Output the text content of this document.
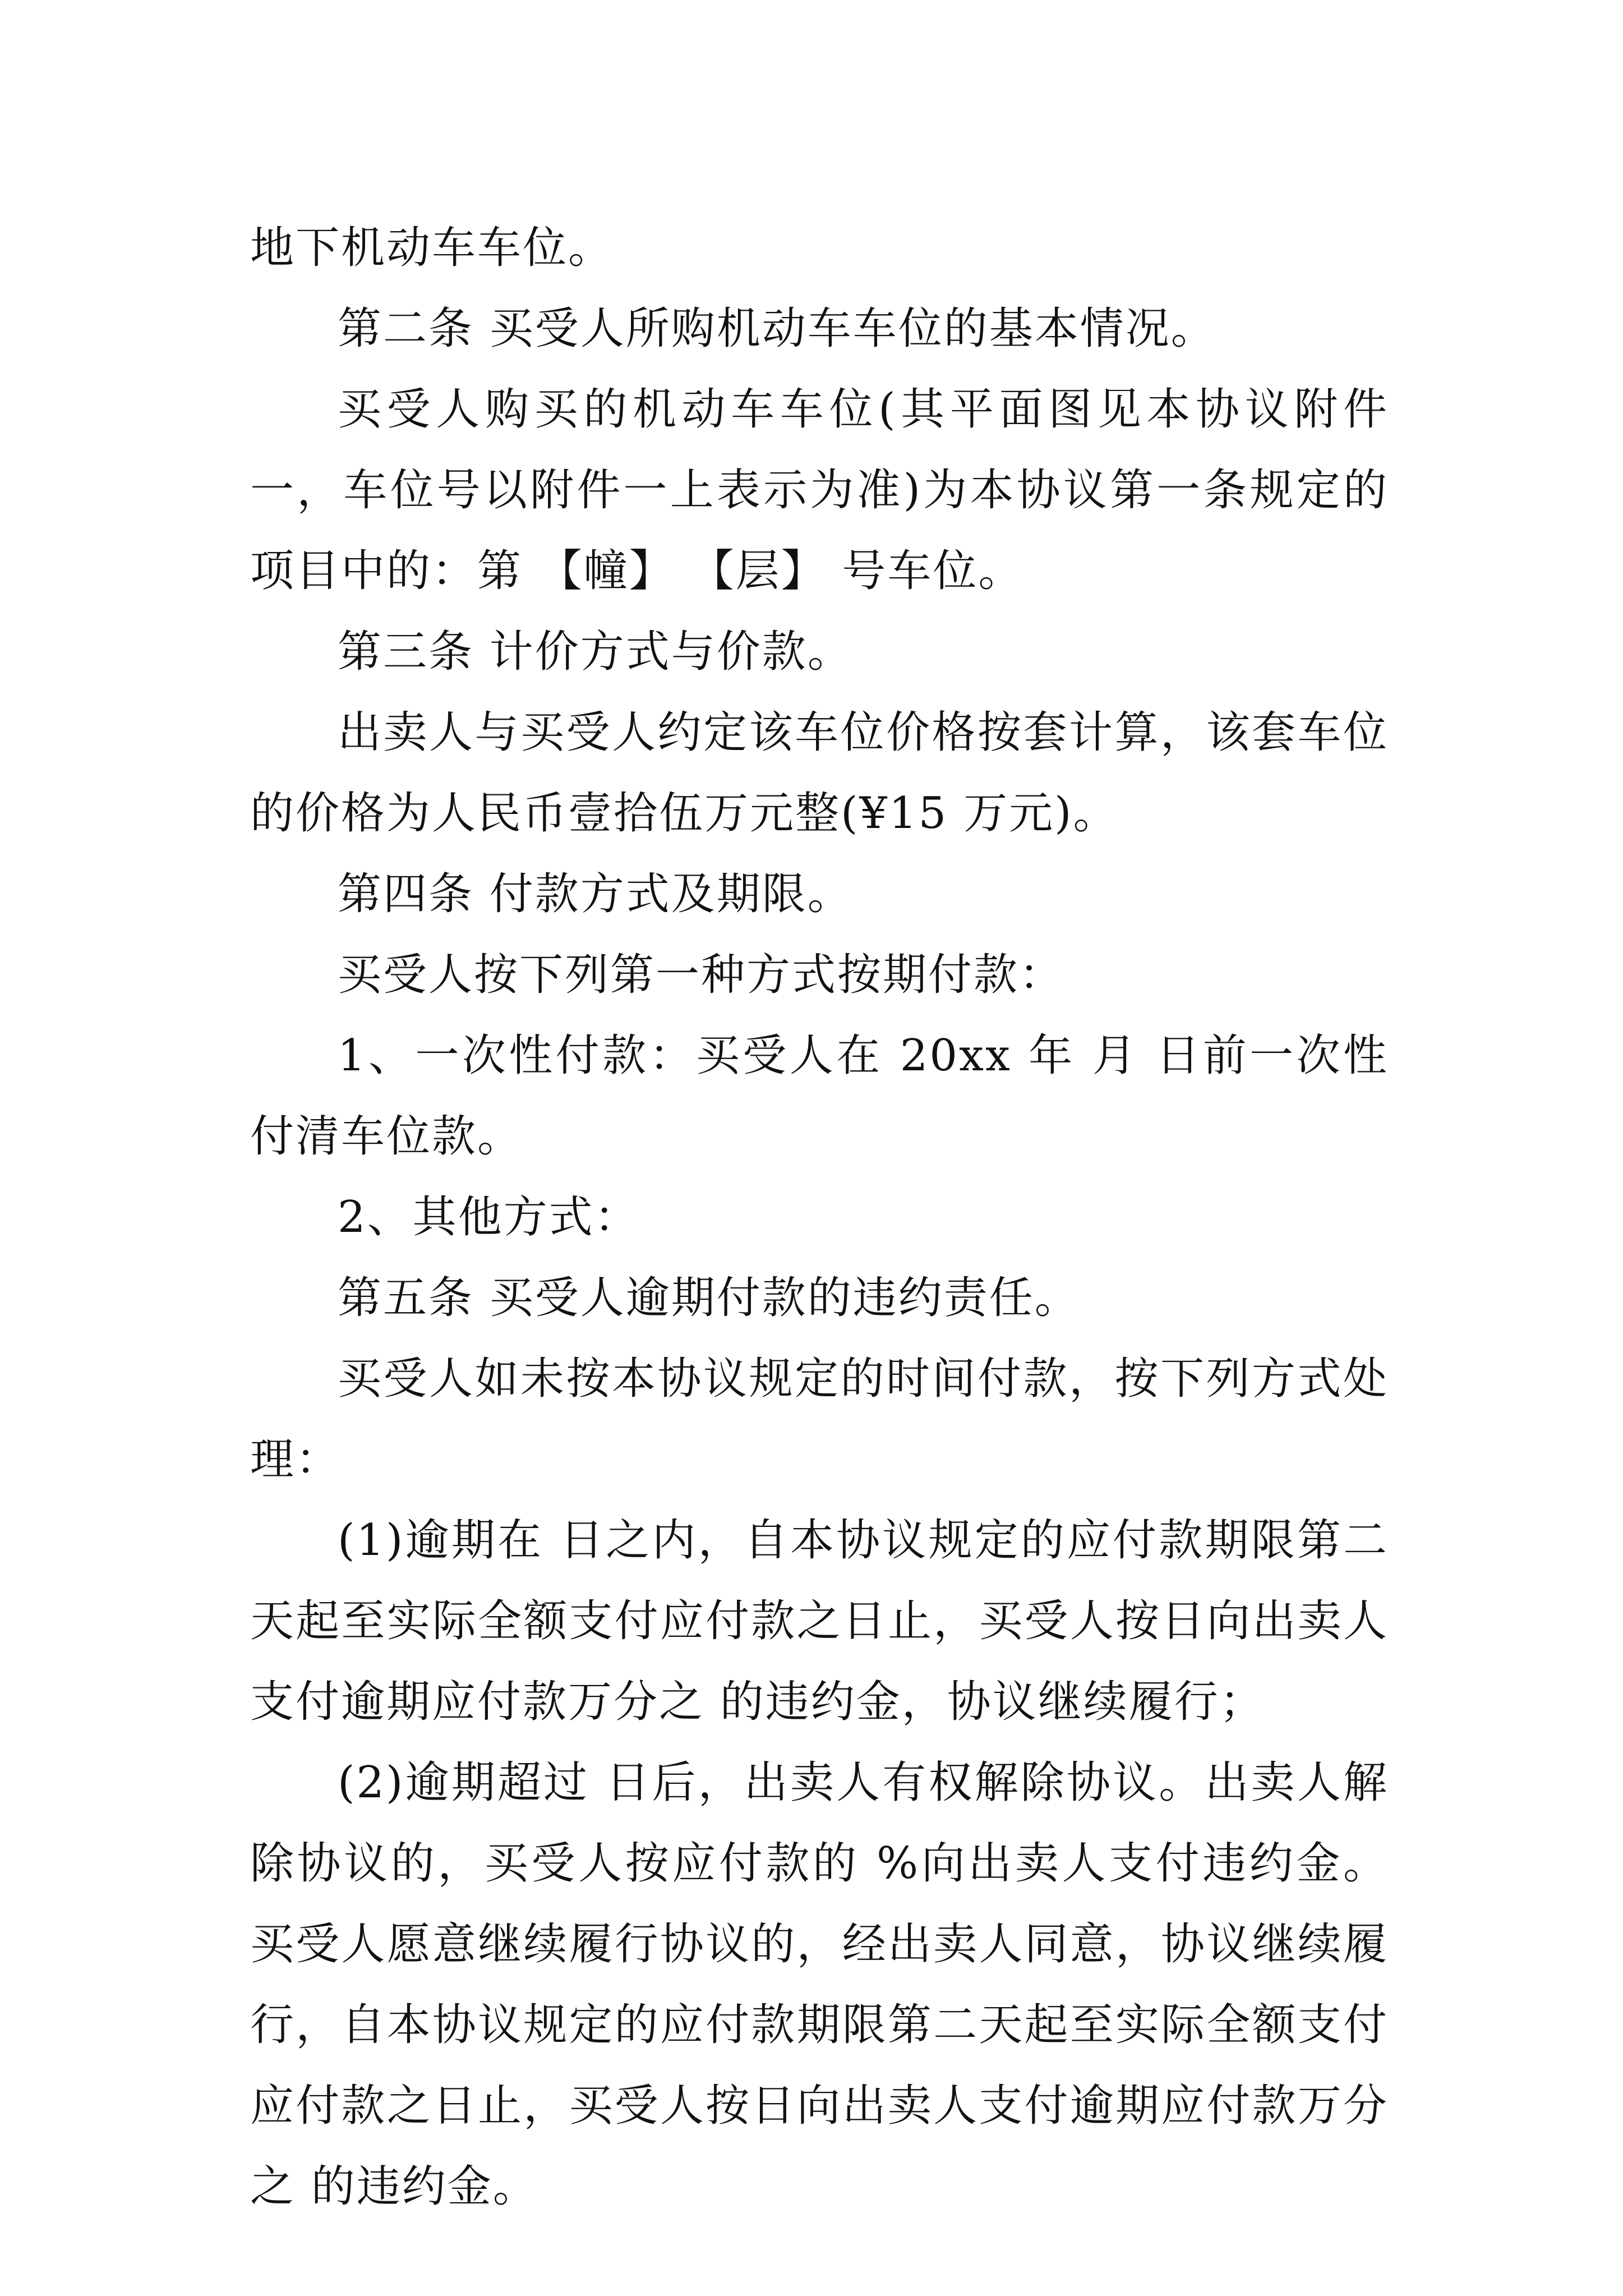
地下机动车车位。

第二条 买受人所购机动车车位的基本情况。

买受人购买的机动车车位(其平面图见本协议附件一，车位号以附件一上表示为准)为本协议第一条规定的项目中的：第 【幢】 【层】 号车位。

第三条 计价方式与价款。

出卖人与买受人约定该车位价格按套计算，该套车位的价格为人民币壹拾伍万元整(¥15 万元)。

第四条 付款方式及期限。

买受人按下列第一种方式按期付款：

1、一次性付款：买受人在 20xx 年 月 日前一次性付清车位款。

2、其他方式：

第五条 买受人逾期付款的违约责任。

买受人如未按本协议规定的时间付款，按下列方式处理：

(1)逾期在 日之内，自本协议规定的应付款期限第二天起至实际全额支付应付款之日止，买受人按日向出卖人支付逾期应付款万分之 的违约金，协议继续履行；

(2)逾期超过 日后，出卖人有权解除协议。出卖人解除协议的，买受人按应付款的 %向出卖人支付违约金。买受人愿意继续履行协议的，经出卖人同意，协议继续履行，自本协议规定的应付款期限第二天起至实际全额支付应付款之日止，买受人按日向出卖人支付逾期应付款万分之 的违约金。
